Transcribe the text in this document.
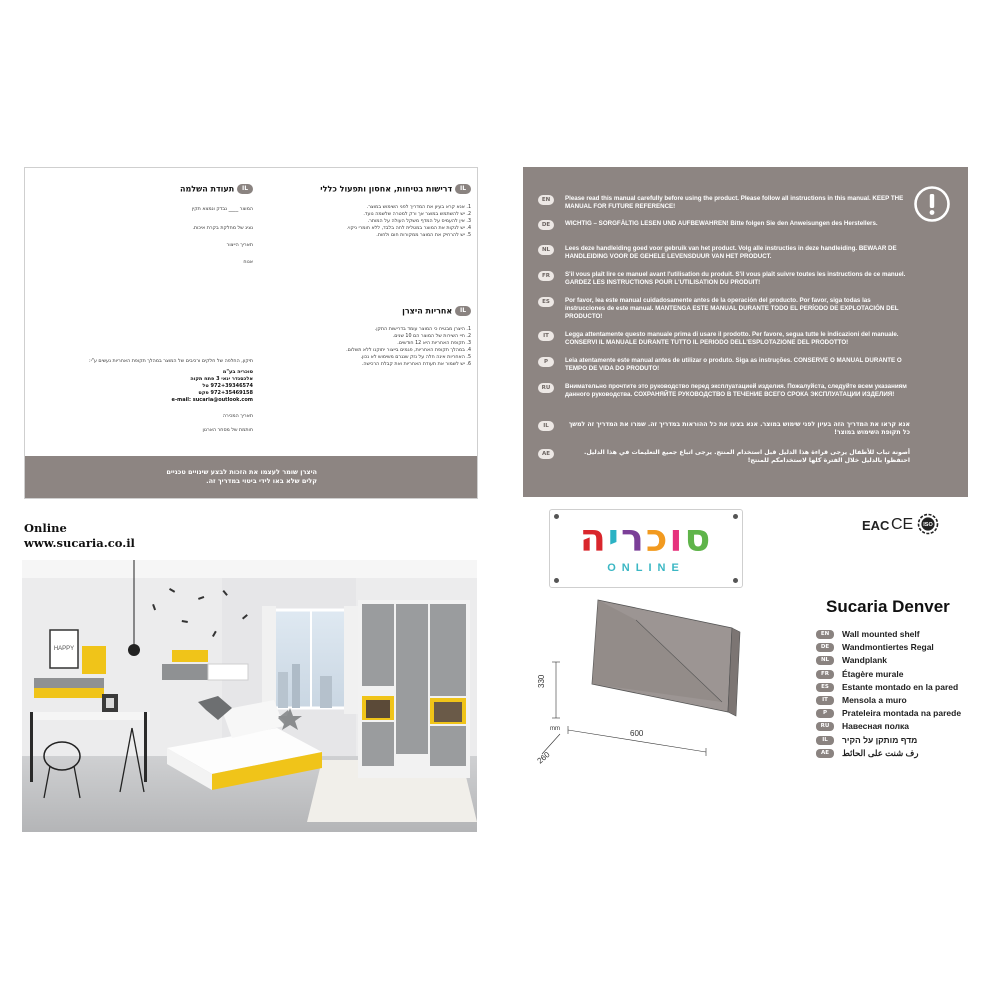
IL דרישות בטיחות, אחסון ותפעול כללי
1. אנא קרא בעיון את המדריך לפני השימוש במוצר.
2. יש להשתמש במוצר אך ורק למטרה שלשמה נועד.
3. אין להעמיס על המדף משקל העולה על המותר.
4. יש לנקות את המוצר במטלית לחה בלבד, ללא חומרי ניקוי.
5. יש להרחיק את המוצר ממקורות חום ולחות.
IL אחריות היצרן
1. היצרן מבטיח כי המוצר עומד בדרישות התקן.
2. חיי השירות של המוצר הם 10 שנים.
3. תקופת האחריות היא 12 חודשים.
4. במהלך תקופת האחריות, פגמים בייצור יתוקנו ללא תשלום.
5. האחריות אינה חלה על נזק שנגרם משימוש לא נכון.
6. יש לשמור את תעודת האחריות ואת קבלת הרכישה.
IL תעודת השלמה
המוצר ____ נבדק ונמצא תקין
נציג של מחלקת בקרת איכות.
תאריך הייצור
אנוח
תיקון, החלפה של חלקים ורכיבים של המוצר במהלך תקופת האחריות נעשים ע"י:
סוכריה בע"מ
אלכסנדר ינאי 3 פתח תקוה
972+39346574 טל
972+35469158 פקס
e-mail: sucaria@outlook.com
תאריך המכירה
חותמת של מסחר הארגון
היצרן שומר לעצמו את הזכות לבצע שינויים טכניים
קלים שלא באו לידי ביטוי במדריך זה.
EN	Please read this manual carefully before using the product. Please follow all instructions in this manual. KEEP THE MANUAL FOR FUTURE REFERENCE!
DE	WICHTIG – SORGFÄLTIG LESEN UND AUFBEWAHREN! Bitte folgen Sie den Anweisungen des Herstellers.
NL	Lees deze handleiding goed voor gebruik van het product. Volg alle instructies in deze handleiding. BEWAAR DE HANDLEIDING VOOR DE GEHELE LEVENSDUUR VAN HET PRODUCT.
FR	S'il vous plaît lire ce manuel avant l'utilisation du produit. S'il vous plaît suivre toutes les instructions de ce manuel. GARDEZ LES INSTRUCTIONS POUR L'UTILISATION DU PRODUIT!
ES	Por favor, lea este manual cuidadosamente antes de la operación del producto. Por favor, siga todas las instrucciones de este manual. MANTENGA ESTE MANUAL DURANTE TODO EL PERÍODO DE EXPLOTACIÓN DEL PRODUCTO!
IT	Legga attentamente questo manuale prima di usare il prodotto. Per favore, segua tutte le indicazioni del manuale. CONSERVI IL MANUALE DURANTE TUTTO IL PERIODO DELL'ESPLOTAZIONE DEL PRODOTTO!
P	Leia atentamente este manual antes de utilizar o produto. Siga as instruções. CONSERVE O MANUAL DURANTE O TEMPO DE VIDA DO PRODUTO!
RU	Внимательно прочтите это руководство перед эксплуатацией изделия. Пожалуйста, следуйте всем указаниям данного руководства. СОХРАНЯЙТЕ РУКОВОДСТВО В ТЕЧЕНИЕ ВСЕГО СРОКА ЭКСПЛУАТАЦИИ ИЗДЕЛИЯ!
IL	אנא קראו את המדריך הזה בעיון לפני שימוש במוצר. אנא בצעו את כל ההוראות במדריך זה. שמרו את המדריך זה למשך כל תקופת השימוש במוצר!
AE	أصونة تباب للأطفال يرجى قراءة هذا الدليل قبل استخدام المنتج. يرجى اتباع جميع التعليمات في هذا الدليل. احتفظوا بالدليل خلال الفترة كلها لاستخدامكم للمنتج!
Online
www.sucaria.co.il	סוכריה
ONLINE
EAC CE ISO
HAPPY
330
mm	600
260
Sucaria Denver
EN	Wall mounted shelf
DE	Wandmontiertes Regal
NL	Wandplank
FR	Étagère murale
ES	Estante montado en la pared
IT	Mensola a muro
P	Prateleira montada na parede
RU	Навесная полка
IL	מדף מותקן על הקיר
AE	رف شنت على الحائط
